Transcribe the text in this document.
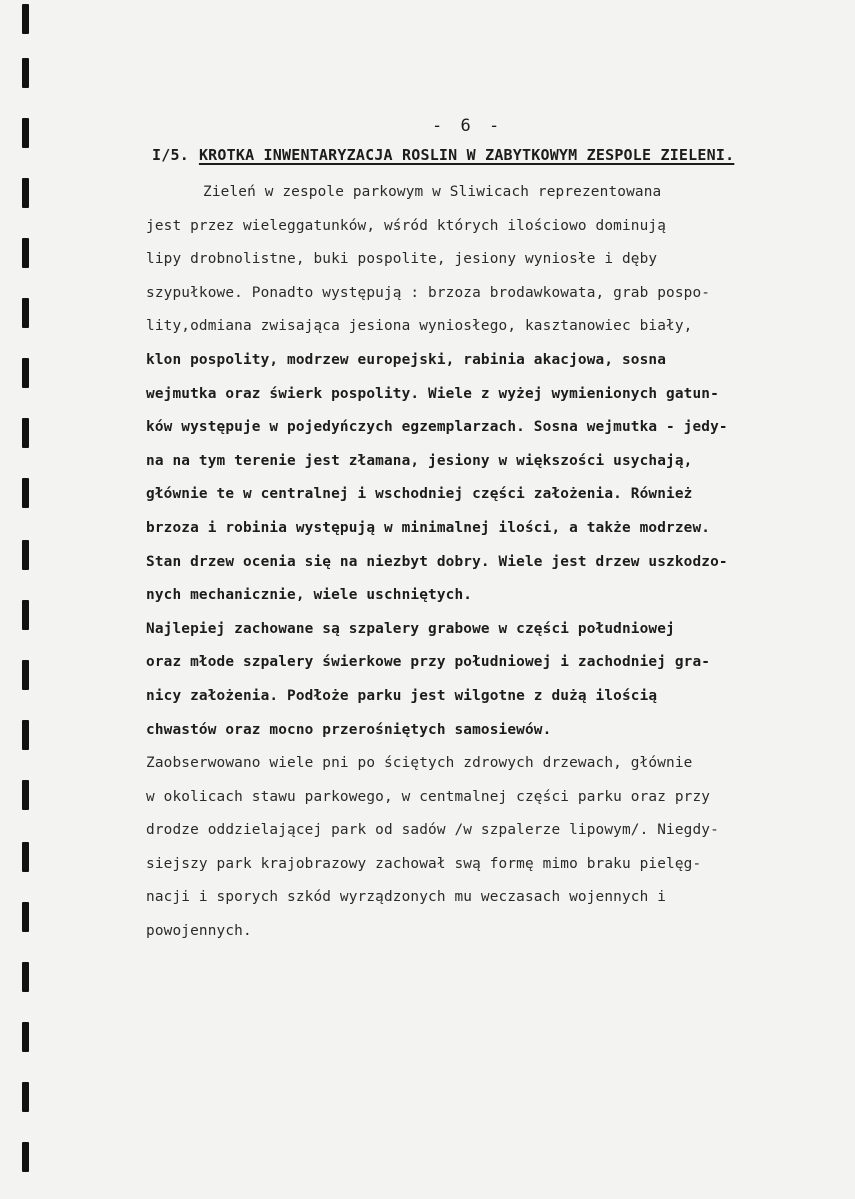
- 6 -
I/5. KROTKA INWENTARYZACJA ROSLIN W ZABYTKOWYM ZESPOLE ZIELENI.
Zieleń w zespole parkowym w Sliwicach reprezentowana
jest przez wieleggatunków, wśród których ilościowo dominują
lipy drobnolistne, buki pospolite, jesiony wyniosłe i dęby
szypułkowe. Ponadto występują : brzoza brodawkowata, grab pospo-
lity,odmiana zwisająca jesiona wyniosłego, kasztanowiec biały,
klon pospolity, modrzew europejski, rabinia akacjowa, sosna
wejmutka oraz świerk pospolity. Wiele z wyżej wymienionych gatun-
ków występuje w pojedyńczych egzemplarzach. Sosna wejmutka - jedy-
na na tym terenie jest złamana, jesiony w większości usychają,
głównie te w centralnej i wschodniej części założenia. Również
brzoza i robinia występują w minimalnej ilości, a także modrzew.
Stan drzew ocenia się na niezbyt dobry. Wiele jest drzew uszkodzo-
nych mechanicznie, wiele uschniętych.
Najlepiej zachowane są szpalery grabowe w części południowej
oraz młode szpalery świerkowe przy południowej i zachodniej gra-
nicy założenia. Podłoże parku jest wilgotne z dużą ilością
chwastów oraz mocno przerośniętych samosiewów.
Zaobserwowano wiele pni po ściętych zdrowych drzewach, głównie
w okolicach stawu parkowego, w centmalnej części parku oraz przy
drodze oddzielającej park od sadów /w szpalerze lipowym/. Niegdy-
siejszy park krajobrazowy zachował swą formę mimo braku pielęg-
nacji i sporych szkód wyrządzonych mu weczasach wojennych i
powojennych.
